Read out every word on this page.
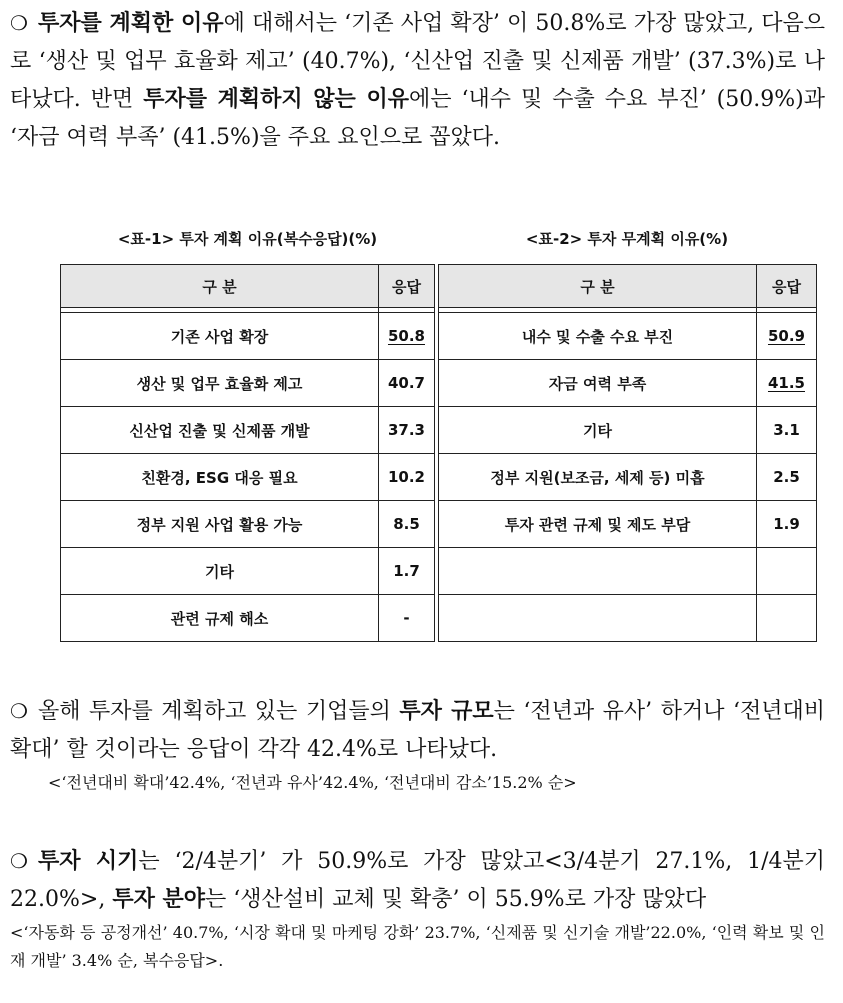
❍ 투자를 계획한 이유에 대해서는 ‘기존 사업 확장’ 이 50.8%로 가장 많았고, 다음으로 ‘생산 및 업무 효율화 제고’ (40.7%), ‘신산업 진출 및 신제품 개발’ (37.3%)로 나타났다. 반면 투자를 계획하지 않는 이유에는 ‘내수 및 수출 수요 부진’ (50.9%)과 ‘자금 여력 부족’ (41.5%)을 주요 요인으로 꼽았다.
<표-1> 투자 계획 이유(복수응답)(%)	<표-2> 투자 무계획 이유(%)
구 분	응답		구 분	응답

기존 사업 확장	50.8		내수 및 수출 수요 부진	50.9
생산 및 업무 효율화 제고	40.7		자금 여력 부족	41.5
신산업 진출 및 신제품 개발	37.3		기타	3.1
친환경, ESG 대응 필요	10.2		정부 지원(보조금, 세제 등) 미흡	2.5
정부 지원 사업 활용 가능	8.5		투자 관련 규제 및 제도 부담	1.9
기타	1.7			
관련 규제 해소	-			
❍ 올해 투자를 계획하고 있는 기업들의 투자 규모는 ‘전년과 유사’ 하거나 ‘전년대비 확대’ 할 것이라는 응답이 각각 42.4%로 나타났다.
<‘전년대비 확대’42.4%, ‘전년과 유사’42.4%, ‘전년대비 감소’15.2% 순>
❍ 투자 시기는 ‘2/4분기’ 가 50.9%로 가장 많았고<3/4분기 27.1%, 1/4분기 22.0%>, 투자 분야는 ‘생산설비 교체 및 확충’ 이 55.9%로 가장 많았다
<‘자동화 등 공정개선’ 40.7%, ‘시장 확대 및 마케팅 강화’ 23.7%, ‘신제품 및 신기술 개발’22.0%, ‘인력 확보 및 인재 개발’ 3.4% 순, 복수응답>.
